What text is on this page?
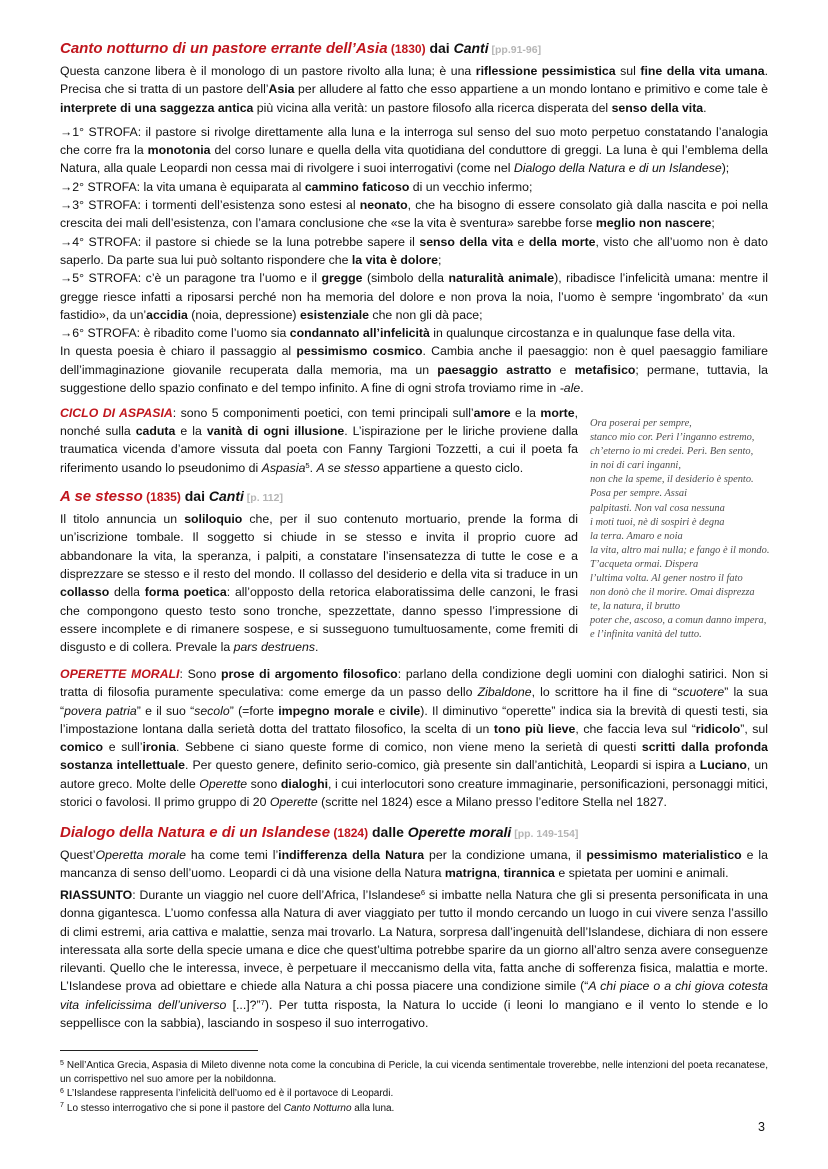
Canto notturno di un pastore errante dell’Asia (1830) dai Canti [pp.91-96]

Questa canzone libera è il monologo di un pastore rivolto alla luna; è una riflessione pessimistica sul fine della vita umana. Precisa che si tratta di un pastore dell’Asia per alludere al fatto che esso appartiene a un mondo lontano e primitivo e come tale è interprete di una saggezza antica più vicina alla verità: un pastore filosofo alla ricerca disperata del senso della vita.

→1° STROFA: il pastore si rivolge direttamente alla luna e la interroga sul senso del suo moto perpetuo constatando l’analogia che corre fra la monotonia del corso lunare e quella della vita quotidiana del conduttore di greggi. La luna è qui l’emblema della Natura, alla quale Leopardi non cessa mai di rivolgere i suoi interrogativi (come nel Dialogo della Natura e di un Islandese);

→2° STROFA: la vita umana è equiparata al cammino faticoso di un vecchio infermo;

→3° STROFA: i tormenti dell’esistenza sono estesi al neonato, che ha bisogno di essere consolato già dalla nascita e poi nella crescita dei mali dell’esistenza, con l’amara conclusione che «se la vita è sventura» sarebbe forse meglio non nascere;

→4° STROFA: il pastore si chiede se la luna potrebbe sapere il senso della vita e della morte, visto che all’uomo non è dato saperlo. Da parte sua lui può soltanto rispondere che la vita è dolore;

→5° STROFA: c’è un paragone tra l’uomo e il gregge (simbolo della naturalità animale), ribadisce l’infelicità umana: mentre il gregge riesce infatti a riposarsi perché non ha memoria del dolore e non prova la noia, l’uomo è sempre ‘ingombrato’ da «un fastidio», da un’accidia (noia, depressione) esistenziale che non gli dà pace;

→6° STROFA: è ribadito come l’uomo sia condannato all’infelicità in qualunque circostanza e in qualunque fase della vita.

In questa poesia è chiaro il passaggio al pessimismo cosmico. Cambia anche il paesaggio: non è quel paesaggio familiare dell’immaginazione giovanile recuperata dalla memoria, ma un paesaggio astratto e metafisico; permane, tuttavia, la suggestione dello spazio confinato e del tempo infinito. A fine di ogni strofa troviamo rime in -ale.

CICLO DI ASPASIA: sono 5 componimenti poetici, con temi principali sull’amore e la morte, nonché sulla caduta e la vanità di ogni illusione. L’ispirazione per le liriche proviene dalla traumatica vicenda d’amore vissuta dal poeta con Fanny Targioni Tozzetti, a cui il poeta fa riferimento usando lo pseudonimo di Aspasia$^5$. A se stesso appartiene a questo ciclo.

A se stesso (1835) dai Canti [p. 112]

Il titolo annuncia un soliloquio che, per il suo contenuto mortuario, prende la forma di un’iscrizione tombale. Il soggetto si chiude in se stesso e invita il proprio cuore ad abbandonare la vita, la speranza, i palpiti, a constatare l’insensatezza di tutte le cose e a disprezzare se stesso e il resto del mondo. Il collasso del desiderio e della vita si traduce in un collasso della forma poetica: all’opposto della retorica elaboratissima delle canzoni, le frasi che compongono questo testo sono tronche, spezzettate, danno spesso l’impressione di essere incomplete e di rimanere sospese, e si susseguono tumultuosamente, come fremiti di disgusto e di collera. Prevale la pars destruens.

OPERETTE MORALI: Sono prose di argomento filosofico: parlano della condizione degli uomini con dialoghi satirici. Non si tratta di filosofia puramente speculativa: come emerge da un passo dello Zibaldone, lo scrittore ha il fine di “scuotere” la sua “povera patria” e il suo “secolo” (=forte impegno morale e civile). Il diminutivo “operette” indica sia la brevità di questi testi, sia l’impostazione lontana dalla serietà dotta del trattato filosofico, la scelta di un tono più lieve, che faccia leva sul “ridicolo”, sul comico e sull’ironia. Sebbene ci siano queste forme di comico, non viene meno la serietà di questi scritti dalla profonda sostanza intellettuale. Per questo genere, definito serio-comico, già presente sin dall’antichità, Leopardi si ispira a Luciano, un autore greco. Molte delle Operette sono dialoghi, i cui interlocutori sono creature immaginarie, personificazioni, personaggi mitici, storici o favolosi. Il primo gruppo di 20 Operette (scritte nel 1824) esce a Milano presso l’editore Stella nel 1827.

Dialogo della Natura e di un Islandese (1824) dalle Operette morali [pp. 149-154]

Quest’Operetta morale ha come temi l’indifferenza della Natura per la condizione umana, il pessimismo materialistico e la mancanza di senso dell’uomo. Leopardi ci dà una visione della Natura matrigna, tirannica e spietata per uomini e animali.

RIASSUNTO: Durante un viaggio nel cuore dell’Africa, l’Islandese$^6$ si imbatte nella Natura che gli si presenta personificata in una donna gigantesca. L’uomo confessa alla Natura di aver viaggiato per tutto il mondo cercando un luogo in cui vivere senza l’assillo di climi estremi, aria cattiva e malattie, senza mai trovarlo. La Natura, sorpresa dall’ingenuità dell’Islandese, dichiara di non essere interessata alla sorte della specie umana e dice che quest’ultima potrebbe sparire da un giorno all’altro senza avere conseguenze rilevanti. Quello che le interessa, invece, è perpetuare il meccanismo della vita, fatta anche di sofferenza fisica, malattia e morte. L’Islandese prova ad obiettare e chiede alla Natura a chi possa piacere una condizione simile (“A chi piace o a chi giova cotesta vita infelicissima dell’universo [...]?”$^7$). Per tutta risposta, la Natura lo uccide (i leoni lo mangiano e il vento lo stende e lo seppellisce con la sabbia), lasciando in sospeso il suo interrogativo.

Ora poserai per sempre,
stanco mio cor. Perì l’inganno estremo,
ch’eterno io mi credei. Perì. Ben sento,
in noi di cari inganni,
non che la speme, il desiderio è spento.
Posa per sempre. Assai
palpitasti. Non val cosa nessuna
i moti tuoi, nè di sospiri è degna
la terra. Amaro e noia
la vita, altro mai nulla; e fango è il mondo.
T’acqueta ormai. Dispera
l’ultima volta. Al gener nostro il fato
non donò che il morire. Omai disprezza
te, la natura, il brutto
poter che, ascoso, a comun danno impera,
e l’infinita vanità del tutto.

$^5$ Nell’Antica Grecia, Aspasia di Mileto divenne nota come la concubina di Pericle, la cui vicenda sentimentale troverebbe, nelle intenzioni del poeta recanatese, un corrispettivo nel suo amore per la nobildonna.

$^6$ L’Islandese rappresenta l’infelicità dell’uomo ed è il portavoce di Leopardi.

$^7$ Lo stesso interrogativo che si pone il pastore del Canto Notturno alla luna.

3
